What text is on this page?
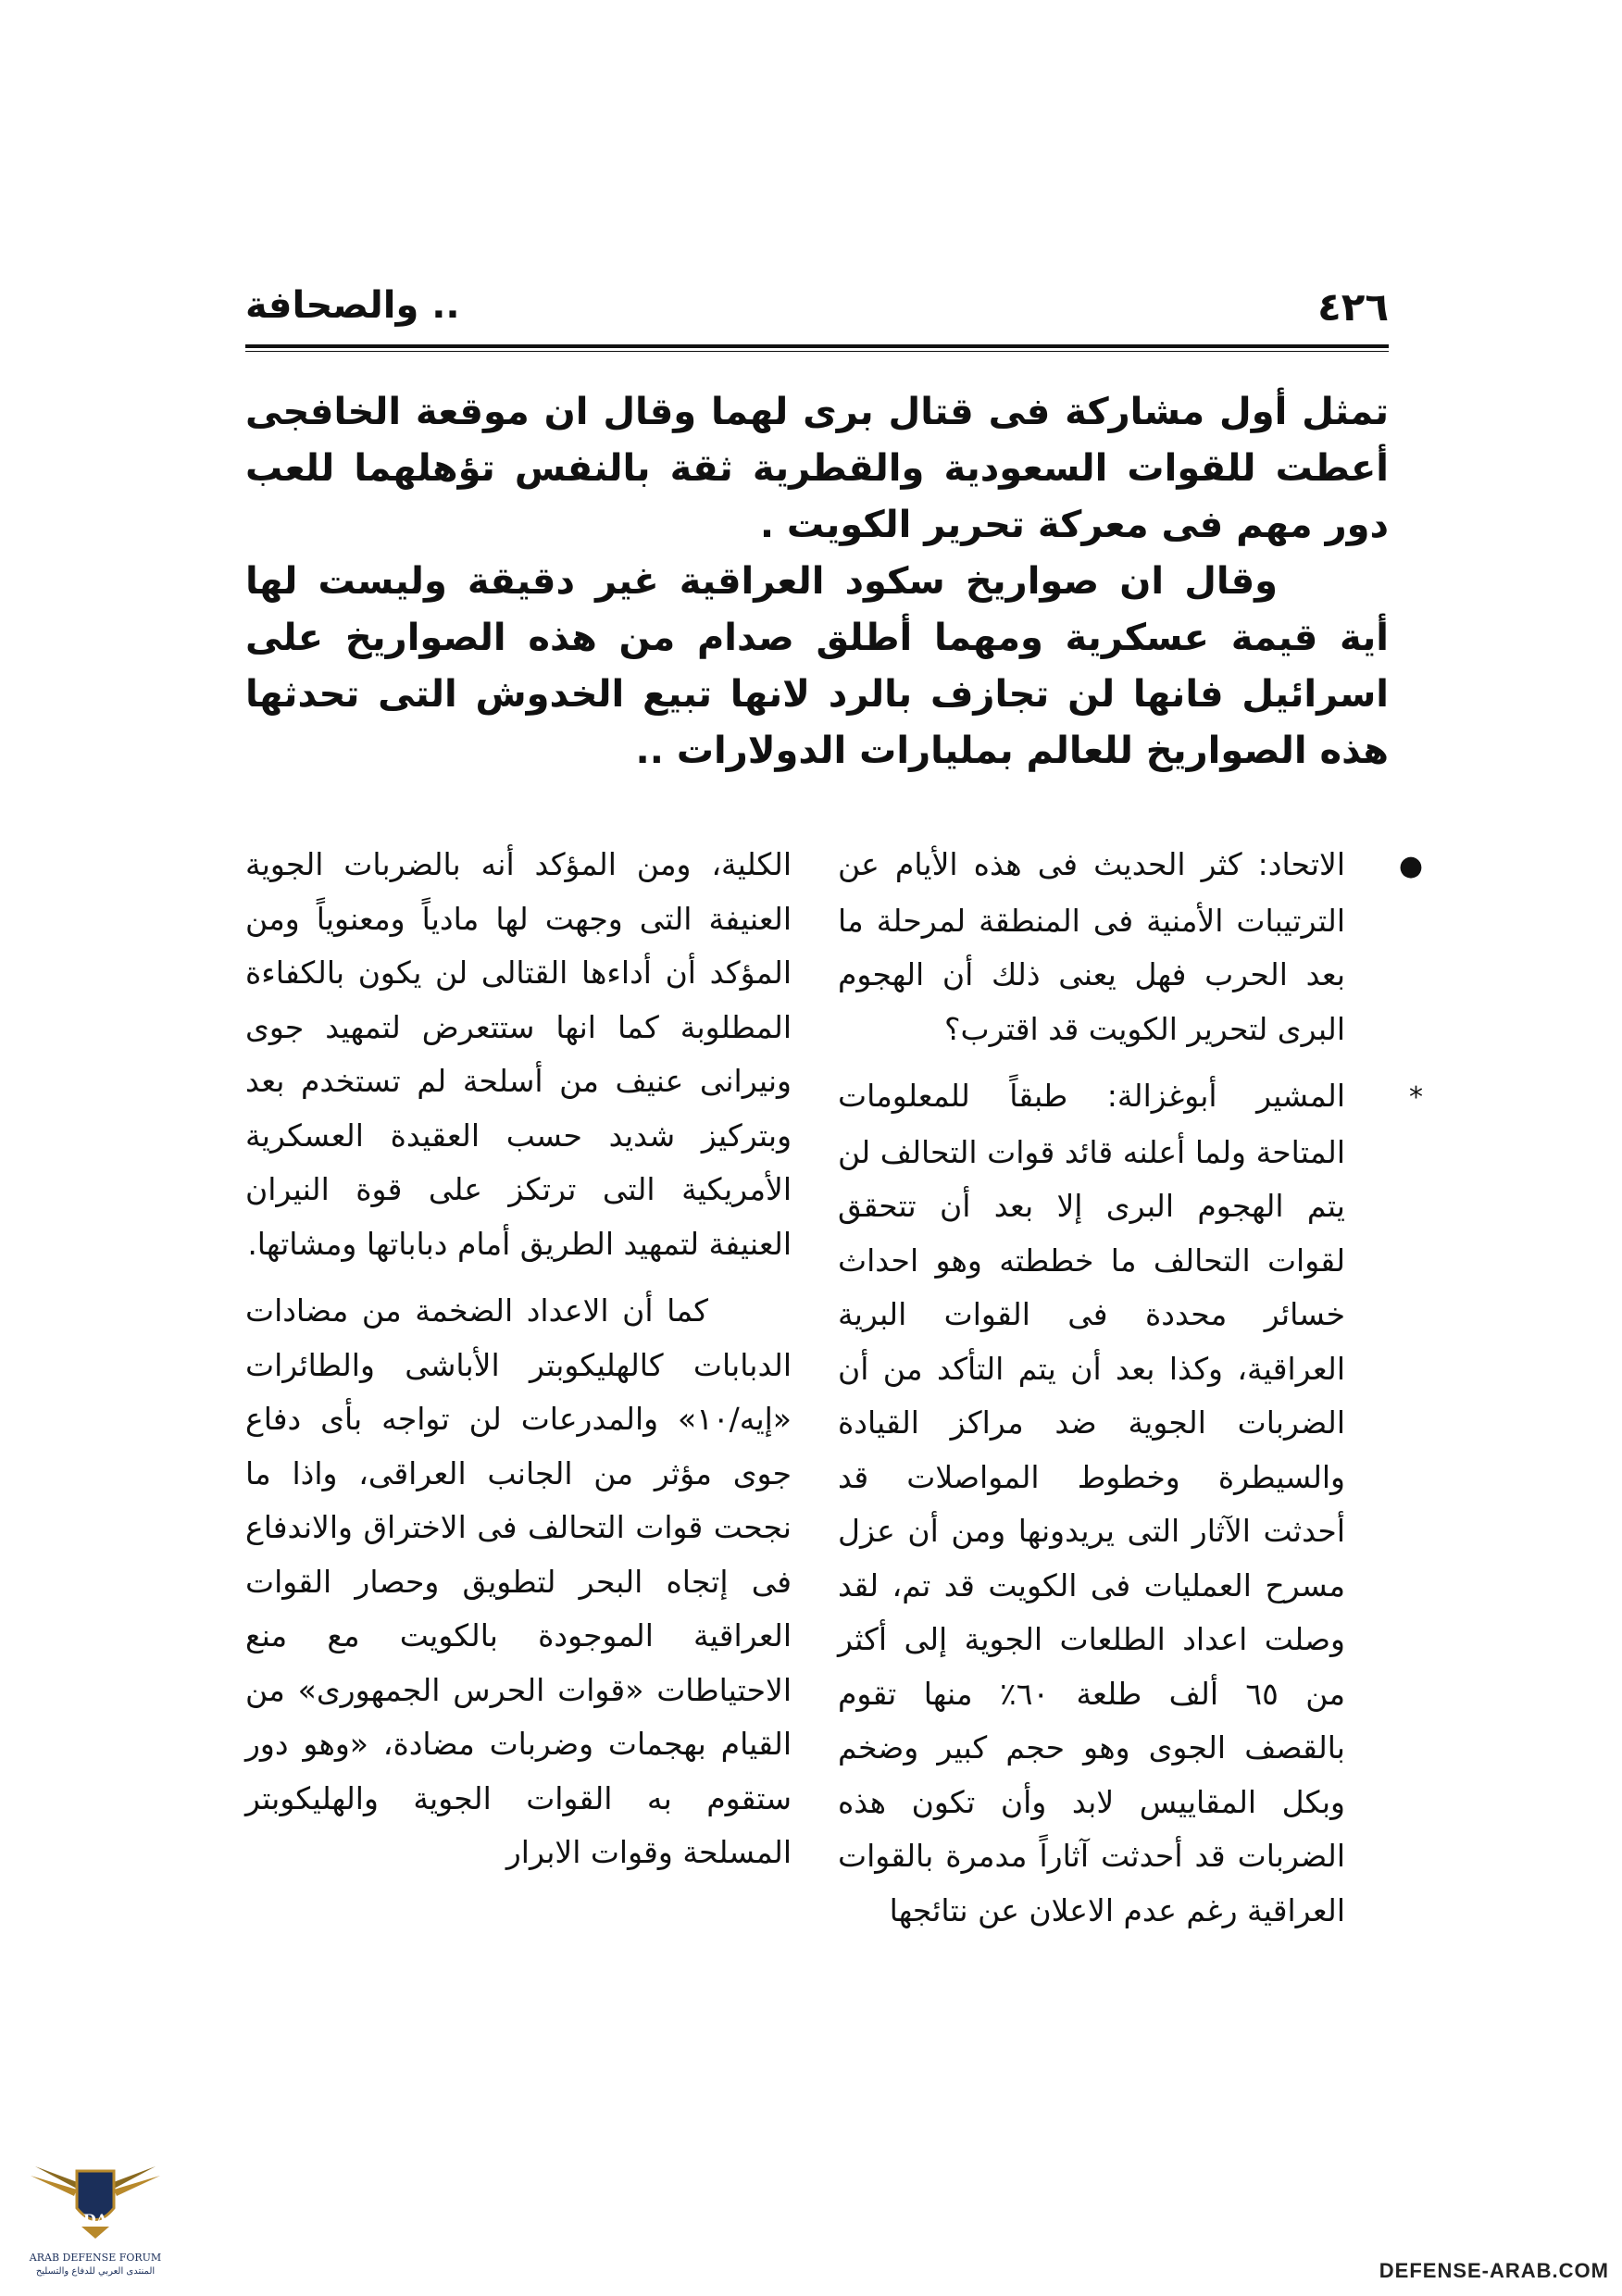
٤٢٦
.. والصحافة

تمثل أول مشاركة فى قتال برى لهما وقال ان موقعة الخافجى أعطت للقوات السعودية والقطرية ثقة بالنفس تؤهلهما للعب دور مهم فى معركة تحرير الكويت .

وقال ان صواريخ سكود العراقية غير دقيقة وليست لها أية قيمة عسكرية ومهما أطلق صدام من هذه الصواريخ على اسرائيل فانها لن تجازف بالرد لانها تبيع الخدوش التى تحدثها هذه الصواريخ للعالم بمليارات الدولارات ..

●الاتحاد: كثر الحديث فى هذه الأيام عن الترتيبات الأمنية فى المنطقة لمرحلة ما بعد الحرب فهل يعنى ذلك أن الهجوم البرى لتحرير الكويت قد اقترب؟

*المشير أبوغزالة: طبقاً للمعلومات المتاحة ولما أعلنه قائد قوات التحالف لن يتم الهجوم البرى إلا بعد أن تتحقق لقوات التحالف ما خططته وهو احداث خسائر محددة فى القوات البرية العراقية، وكذا بعد أن يتم التأكد من أن الضربات الجوية ضد مراكز القيادة والسيطرة وخطوط المواصلات قد أحدثت الآثار التى يريدونها ومن أن عزل مسرح العمليات فى الكويت قد تم، لقد وصلت اعداد الطلعات الجوية إلى أكثر من ٦٥ ألف طلعة ٦٠٪ منها تقوم بالقصف الجوى وهو حجم كبير وضخم وبكل المقاييس لابد وأن تكون هذه الضربات قد أحدثت آثاراً مدمرة بالقوات العراقية رغم عدم الاعلان عن نتائجها

الكلية، ومن المؤكد أنه بالضربات الجوية العنيفة التى وجهت لها مادياً ومعنوياً ومن المؤكد أن أداءها القتالى لن يكون بالكفاءة المطلوبة كما انها ستتعرض لتمهيد جوى ونيرانى عنيف من أسلحة لم تستخدم بعد وبتركيز شديد حسب العقيدة العسكرية الأمريكية التى ترتكز على قوة النيران العنيفة لتمهيد الطريق أمام دباباتها ومشاتها.

كما أن الاعداد الضخمة من مضادات الدبابات كالهليكوبتر الأباشى والطائرات «إيه/١٠» والمدرعات لن تواجه بأى دفاع جوى مؤثر من الجانب العراقى، واذا ما نجحت قوات التحالف فى الاختراق والاندفاع فى إتجاه البحر لتطويق وحصار القوات العراقية الموجودة بالكويت مع منع الاحتياطات «قوات الحرس الجمهورى» من القيام بهجمات وضربات مضادة، «وهو دور ستقوم به القوات الجوية والهليكوبتر المسلحة وقوات الابرار

DA
ARAB DEFENSE FORUM
المنتدى العربي للدفاع والتسليح	DEFENSE-ARAB.COM
